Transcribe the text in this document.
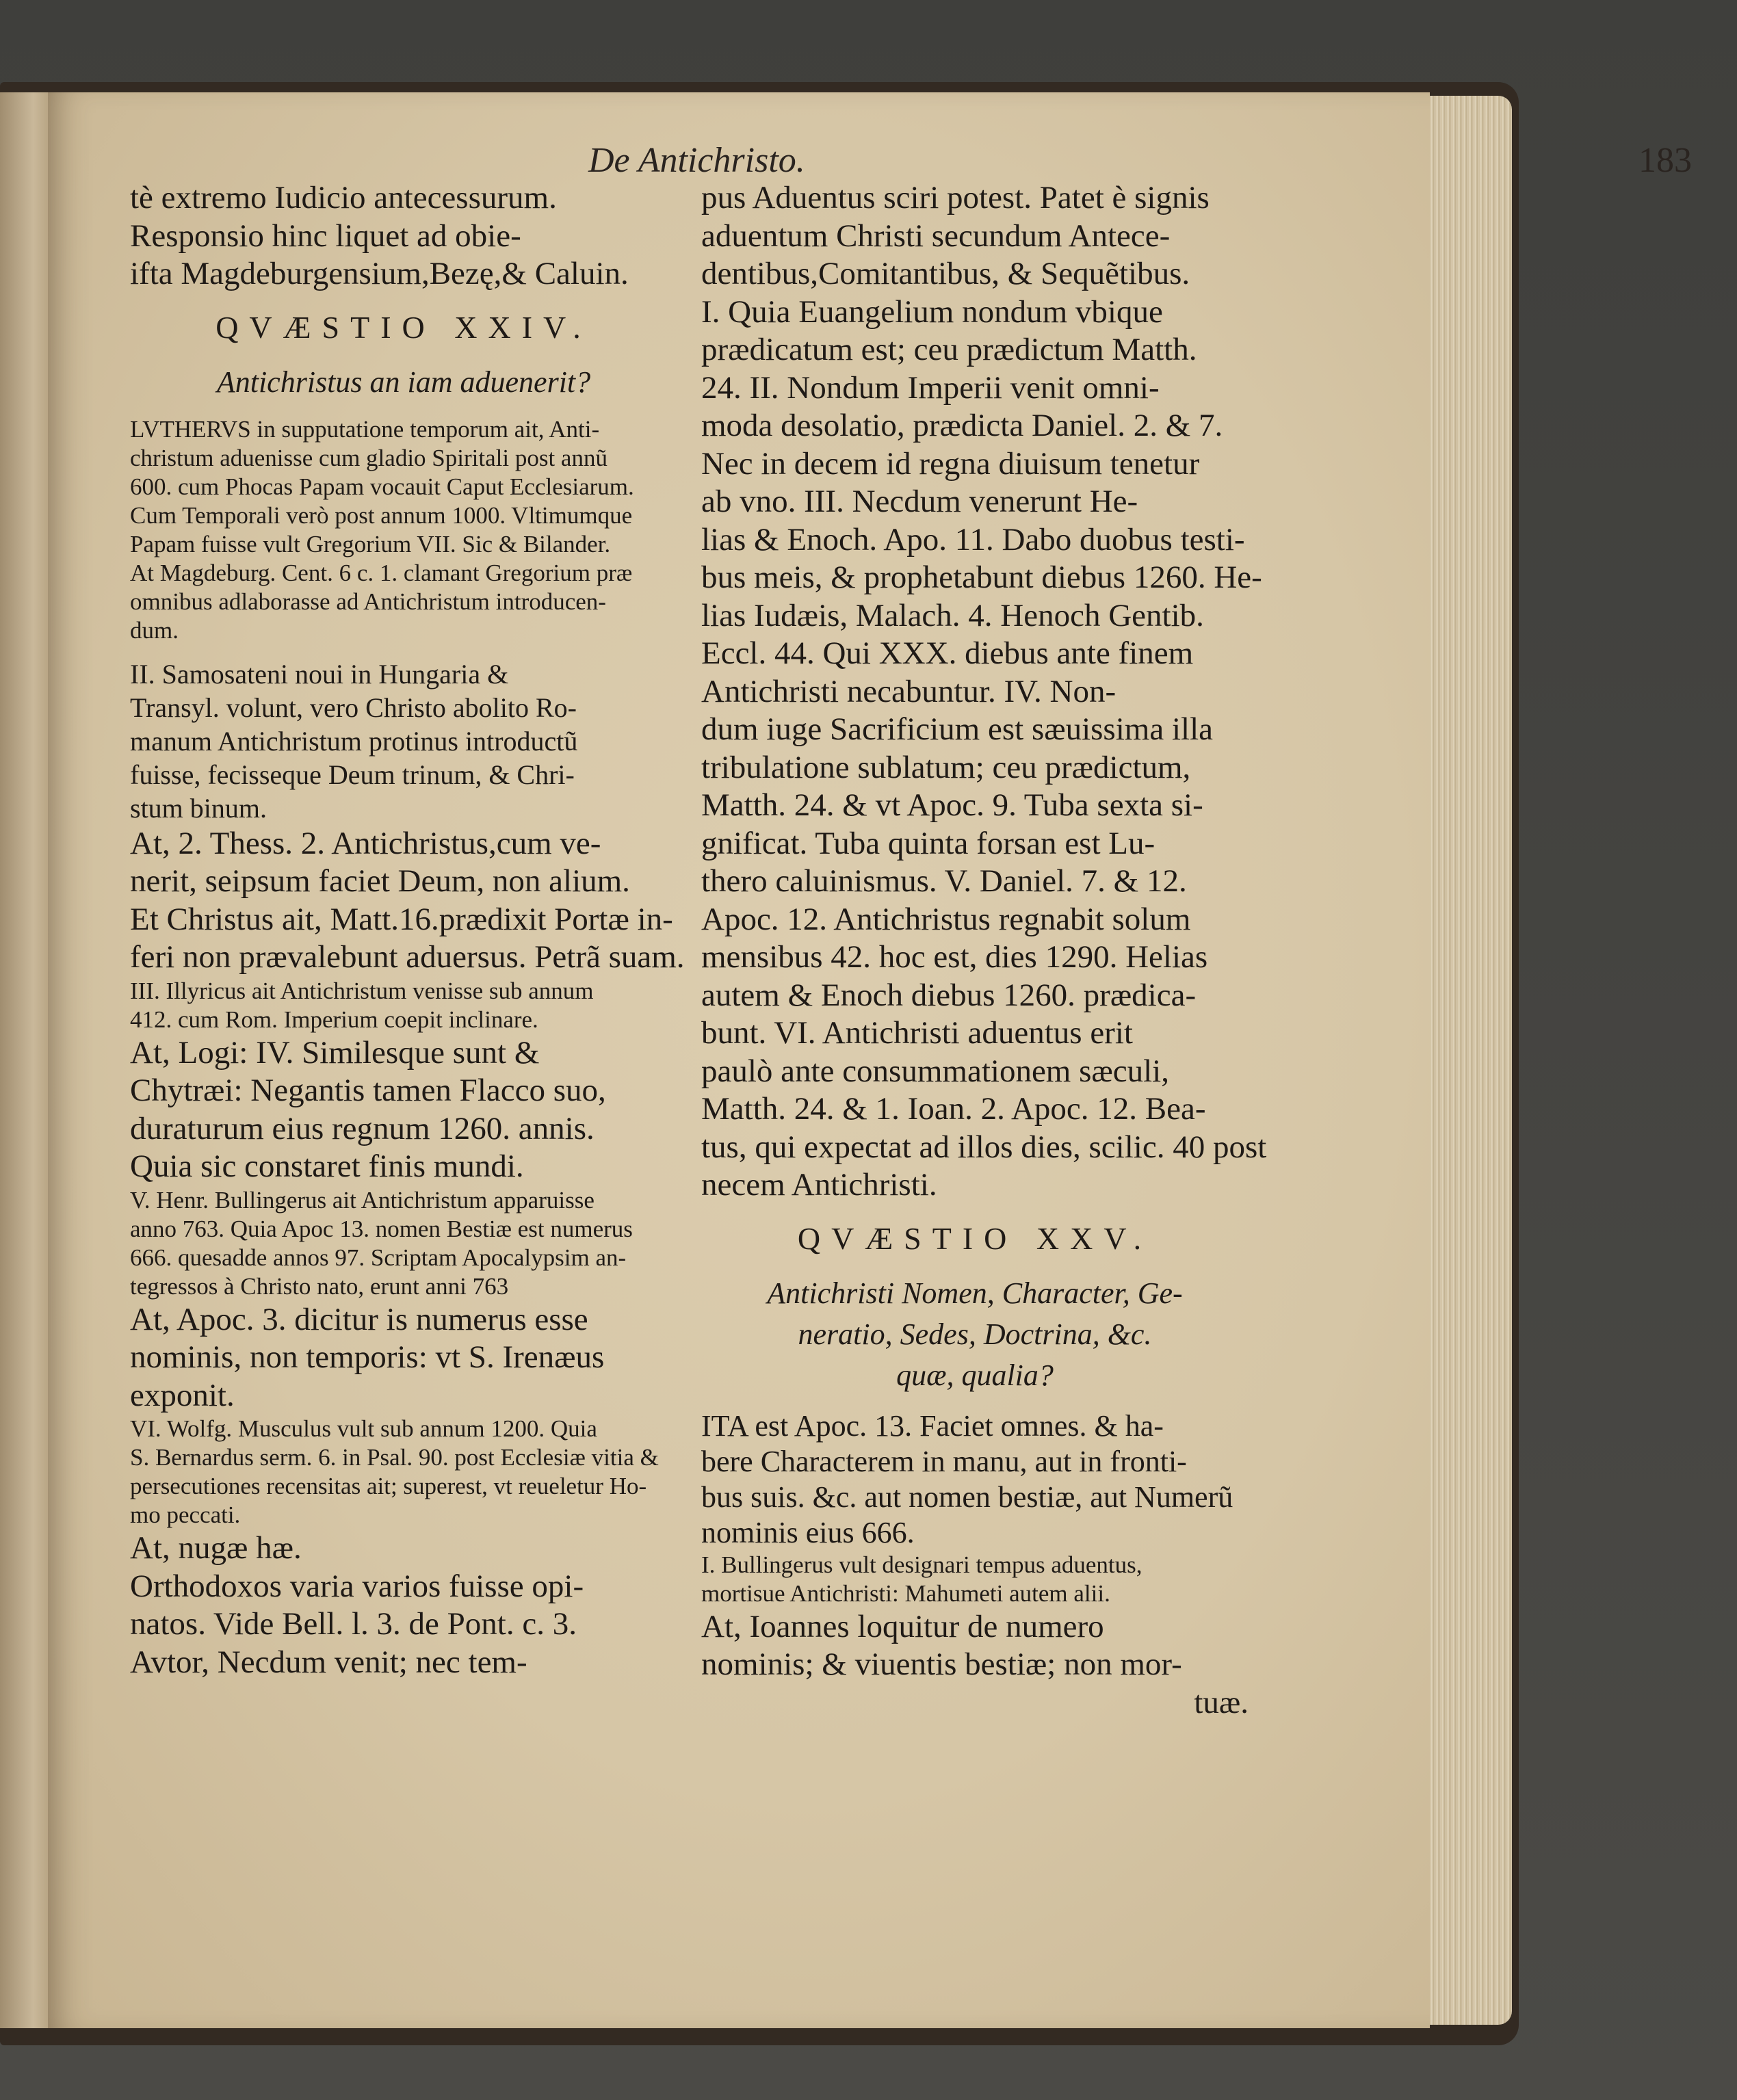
De Antichristo.	183
tè extremo Iudicio antecessurum.
Responsio hinc liquet ad obie-
ifta Magdeburgensium,Bezę,& Caluin.
QVÆSTIO XXIV.
Antichristus an iam aduenerit?
LVTHERVS in supputatione temporum ait, Anti-
christum aduenisse cum gladio Spiritali post annũ
600. cum Phocas Papam vocauit Caput Ecclesiarum.
Cum Temporali verò post annum 1000. Vltimumque
Papam fuisse vult Gregorium VII. Sic & Bilander.
At Magdeburg. Cent. 6 c. 1. clamant Gregorium præ
omnibus adlaborasse ad Antichristum introducen-
dum.
II. Samosateni noui in Hungaria &
Transyl. volunt, vero Christo abolito Ro-
manum Antichristum protinus introductũ
fuisse, fecisseque Deum trinum, & Chri-
stum binum.
At, 2. Thess. 2. Antichristus,cum ve-
nerit, seipsum faciet Deum, non alium.
Et Christus ait, Matt.16.prædixit Portæ in-
feri non prævalebunt aduersus. Petrã suam.
III. Illyricus ait Antichristum venisse sub annum
412. cum Rom. Imperium coepit inclinare.
At, Logi: IV. Similesque sunt &
Chytræi: Negantis tamen Flacco suo,
duraturum eius regnum 1260. annis.
Quia sic constaret finis mundi.
V. Henr. Bullingerus ait Antichristum apparuisse
anno 763. Quia Apoc 13. nomen Bestiæ est numerus
666. quesadde annos 97. Scriptam Apocalypsim an-
tegressos à Christo nato, erunt anni 763
At, Apoc. 3. dicitur is numerus esse
nominis, non temporis: vt S. Irenæus
exponit.
VI. Wolfg. Musculus vult sub annum 1200. Quia
S. Bernardus serm. 6. in Psal. 90. post Ecclesiæ vitia &
persecutiones recensitas ait; superest, vt reueletur Ho-
mo peccati.
At, nugæ hæ.
Orthodoxos varia varios fuisse opi-
natos. Vide Bell. l. 3. de Pont. c. 3.
Avtor, Necdum venit; nec tem-
pus Aduentus sciri potest. Patet è signis
aduentum Christi secundum Antece-
dentibus,Comitantibus, & Sequẽtibus.
I. Quia Euangelium nondum vbique
prædicatum est; ceu prædictum Matth.
24. II. Nondum Imperii venit omni-
moda desolatio, prædicta Daniel. 2. & 7.
Nec in decem id regna diuisum tenetur
ab vno. III. Necdum venerunt He-
lias & Enoch. Apo. 11. Dabo duobus testi-
bus meis, & prophetabunt diebus 1260. He-
lias Iudæis, Malach. 4. Henoch Gentib.
Eccl. 44. Qui XXX. diebus ante finem
Antichristi necabuntur. IV. Non-
dum iuge Sacrificium est sæuissima illa
tribulatione sublatum; ceu prædictum,
Matth. 24. & vt Apoc. 9. Tuba sexta si-
gnificat. Tuba quinta forsan est Lu-
thero caluinismus. V. Daniel. 7. & 12.
Apoc. 12. Antichristus regnabit solum
mensibus 42. hoc est, dies 1290. Helias
autem & Enoch diebus 1260. prædica-
bunt. VI. Antichristi aduentus erit
paulò ante consummationem sæculi,
Matth. 24. & 1. Ioan. 2. Apoc. 12. Bea-
tus, qui expectat ad illos dies, scilic. 40 post
necem Antichristi.
QVÆSTIO XXV.
Antichristi Nomen, Character, Ge-
neratio, Sedes, Doctrina, &c.
quæ, qualia?
ITA est Apoc. 13. Faciet omnes. & ha-
bere Characterem in manu, aut in fronti-
bus suis. &c. aut nomen bestiæ, aut Numerũ
nominis eius 666.
I. Bullingerus vult designari tempus aduentus,
mortisue Antichristi: Mahumeti autem alii.
At, Ioannes loquitur de numero
nominis; & viuentis bestiæ; non mor-
tuæ.
